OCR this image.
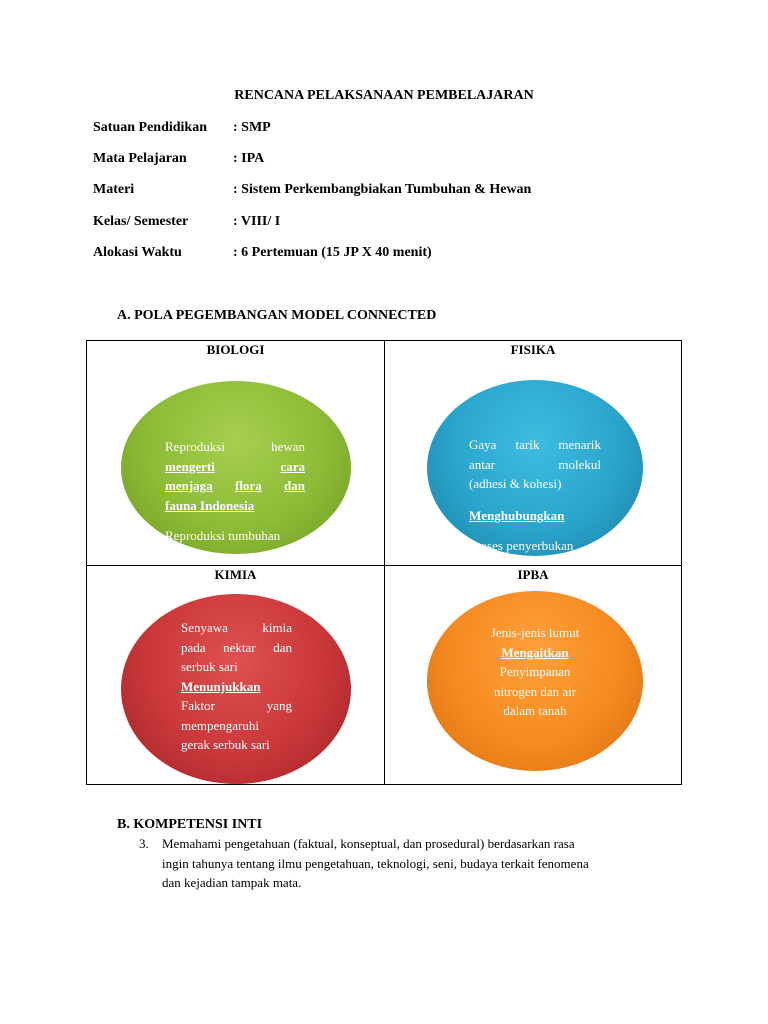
RENCANA PELAKSANAAN PEMBELAJARAN
Satuan Pendidikan : SMP
Mata Pelajaran	: IPA
Materi	: Sistem Perkembangbiakan Tumbuhan & Hewan
Kelas/ Semester	: VIII/ I
Alokasi Waktu	: 6 Pertemuan (15 JP X 40 menit)
A. POLA PEGEMBANGAN MODEL CONNECTED
BIOLOGI
Reproduksi	hewan
mengerti	cara
menjaga flora dan
fauna Indonesia
Reproduksi tumbuhan
FISIKA
Gaya tarik menarik
antar	molekul
(adhesi & kohesi)
Menghubungkan
Proses penyerbukan
KIMIA
Senyawa	kimia
pada nektar dan
serbuk sari
Menunjukkan
Faktor	yang
mempengaruhi
gerak serbuk sari
IPBA
Jenis-jenis lumut
Mengaitkan
Penyimpanan
nitrogen dan air
dalam tanah
B. KOMPETENSI INTI
3. Memahami pengetahuan (faktual, konseptual, dan prosedural) berdasarkan rasa
ingin tahunya tentang ilmu pengetahuan, teknologi, seni, budaya terkait fenomena
dan kejadian tampak mata.
